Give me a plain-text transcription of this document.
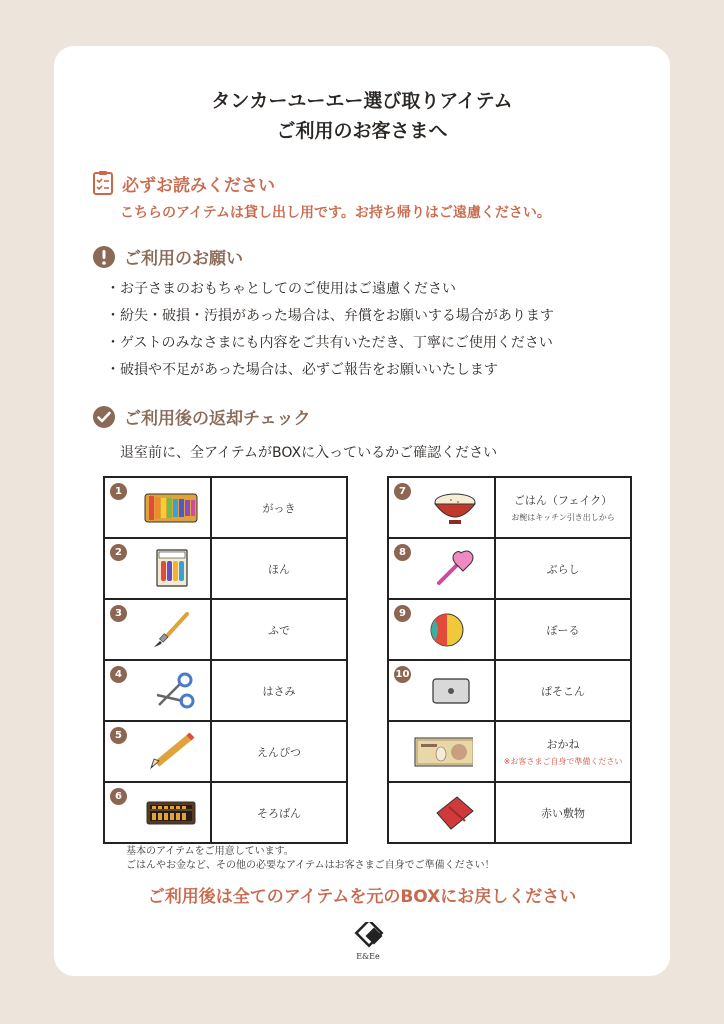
タンカーユーエー選び取りアイテム
ご利用のお客さまへ
必ずお読みください
こちらのアイテムは貸し出し用です。お持ち帰りはご遠慮ください。
ご利用のお願い
・お子さまのおもちゃとしてのご使用はご遠慮ください
・紛失・破損・汚損があった場合は、弁償をお願いする場合があります
・ゲストのみなさまにも内容をご共有いただき、丁寧にご使用ください
・破損や不足があった場合は、必ずご報告をお願いいたします
ご利用後の返却チェック
退室前に、全アイテムがBOXに入っているかご確認ください
1	がっき

2	ほん

3	ふで

4	はさみ

5	えんぴつ

6	そろばん
7	ごはん（フェイク）
お椀はキッチン引き出しから

8	ぶらし

9	ぼーる

10	ぱそこん

	おかね
※お客さまご自身で準備ください

	赤い敷物
基本のアイテムをご用意しています。
ごはんやお金など、その他の必要なアイテムはお客さまご自身でご準備ください！
ご利用後は全てのアイテムを元のBOXにお戻しください
E&Ee
